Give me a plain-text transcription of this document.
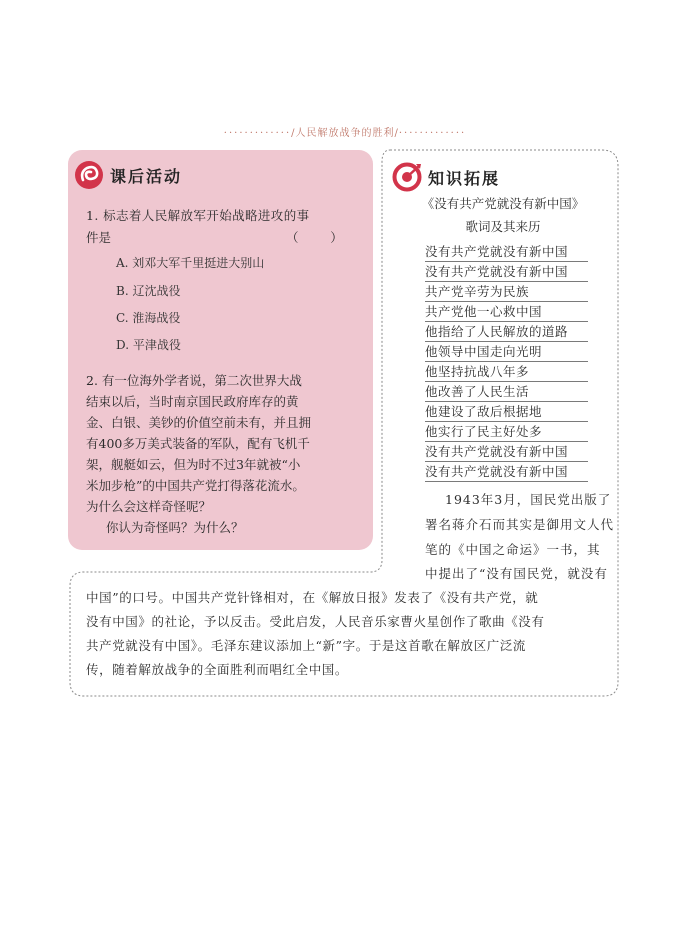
·············/人民解放战争的胜利/·············
课后活动
1. 标志着人民解放军开始战略进攻的事
件是	（        ）
A. 刘邓大军千里挺进大别山
B. 辽沈战役
C. 淮海战役
D. 平津战役
2. 有一位海外学者说，第二次世界大战
结束以后，当时南京国民政府库存的黄
金、白银、美钞的价值空前未有，并且拥
有400多万美式装备的军队，配有飞机千
架，舰艇如云，但为时不过3年就被“小
米加步枪”的中国共产党打得落花流水。
为什么会这样奇怪呢？
你认为奇怪吗？为什么？
知识拓展
《没有共产党就没有新中国》
歌词及其来历
没有共产党就没有新中国
没有共产党就没有新中国
共产党辛劳为民族
共产党他一心救中国
他指给了人民解放的道路
他领导中国走向光明
他坚持抗战八年多
他改善了人民生活
他建设了敌后根据地
他实行了民主好处多
没有共产党就没有新中国
没有共产党就没有新中国
1943年3月，国民党出版了
署名蒋介石而其实是御用文人代
笔的《中国之命运》一书，其
中提出了“没有国民党，就没有
中国”的口号。中国共产党针锋相对，在《解放日报》发表了《没有共产党，就
没有中国》的社论，予以反击。受此启发，人民音乐家曹火星创作了歌曲《没有
共产党就没有中国》。毛泽东建议添加上“新”字。于是这首歌在解放区广泛流
传，随着解放战争的全面胜利而唱红全中国。
